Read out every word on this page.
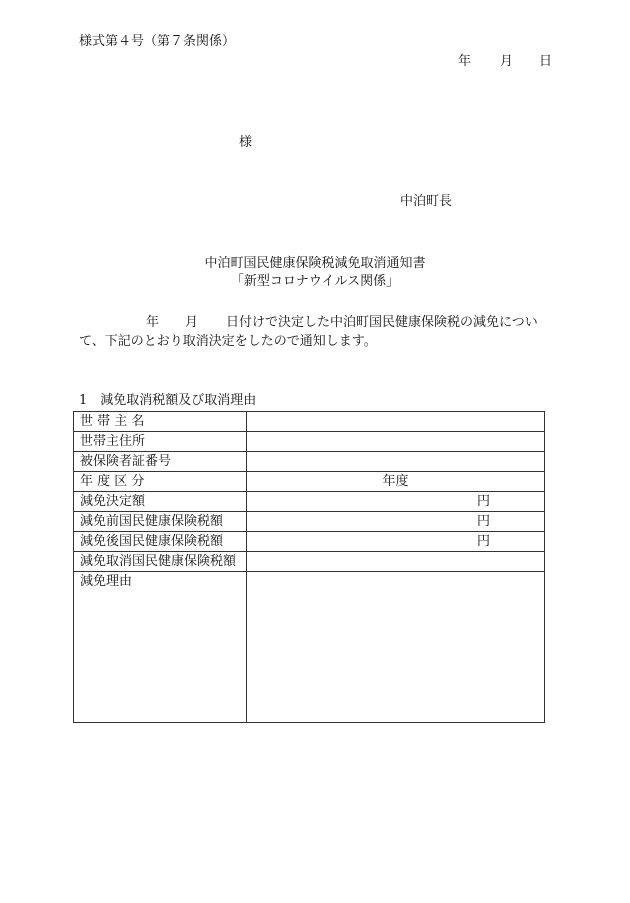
様式第４号（第７条関係）
年 月 日
様
中泊町長
中泊町国民健康保険税減免取消通知書
「新型コロナウイルス関係」
年 月 日付けで決定した中泊町国民健康保険税の減免につい
て、下記のとおり取消決定をしたので通知します。
1　減免取消税額及び取消理由
世 帯 主 名	
世帯主住所	
被保険者証番号	
年 度 区 分	年度
減免決定額	円
減免前国民健康保険税額	円
減免後国民健康保険税額	円
減免取消国民健康保険税額	
減免理由	
